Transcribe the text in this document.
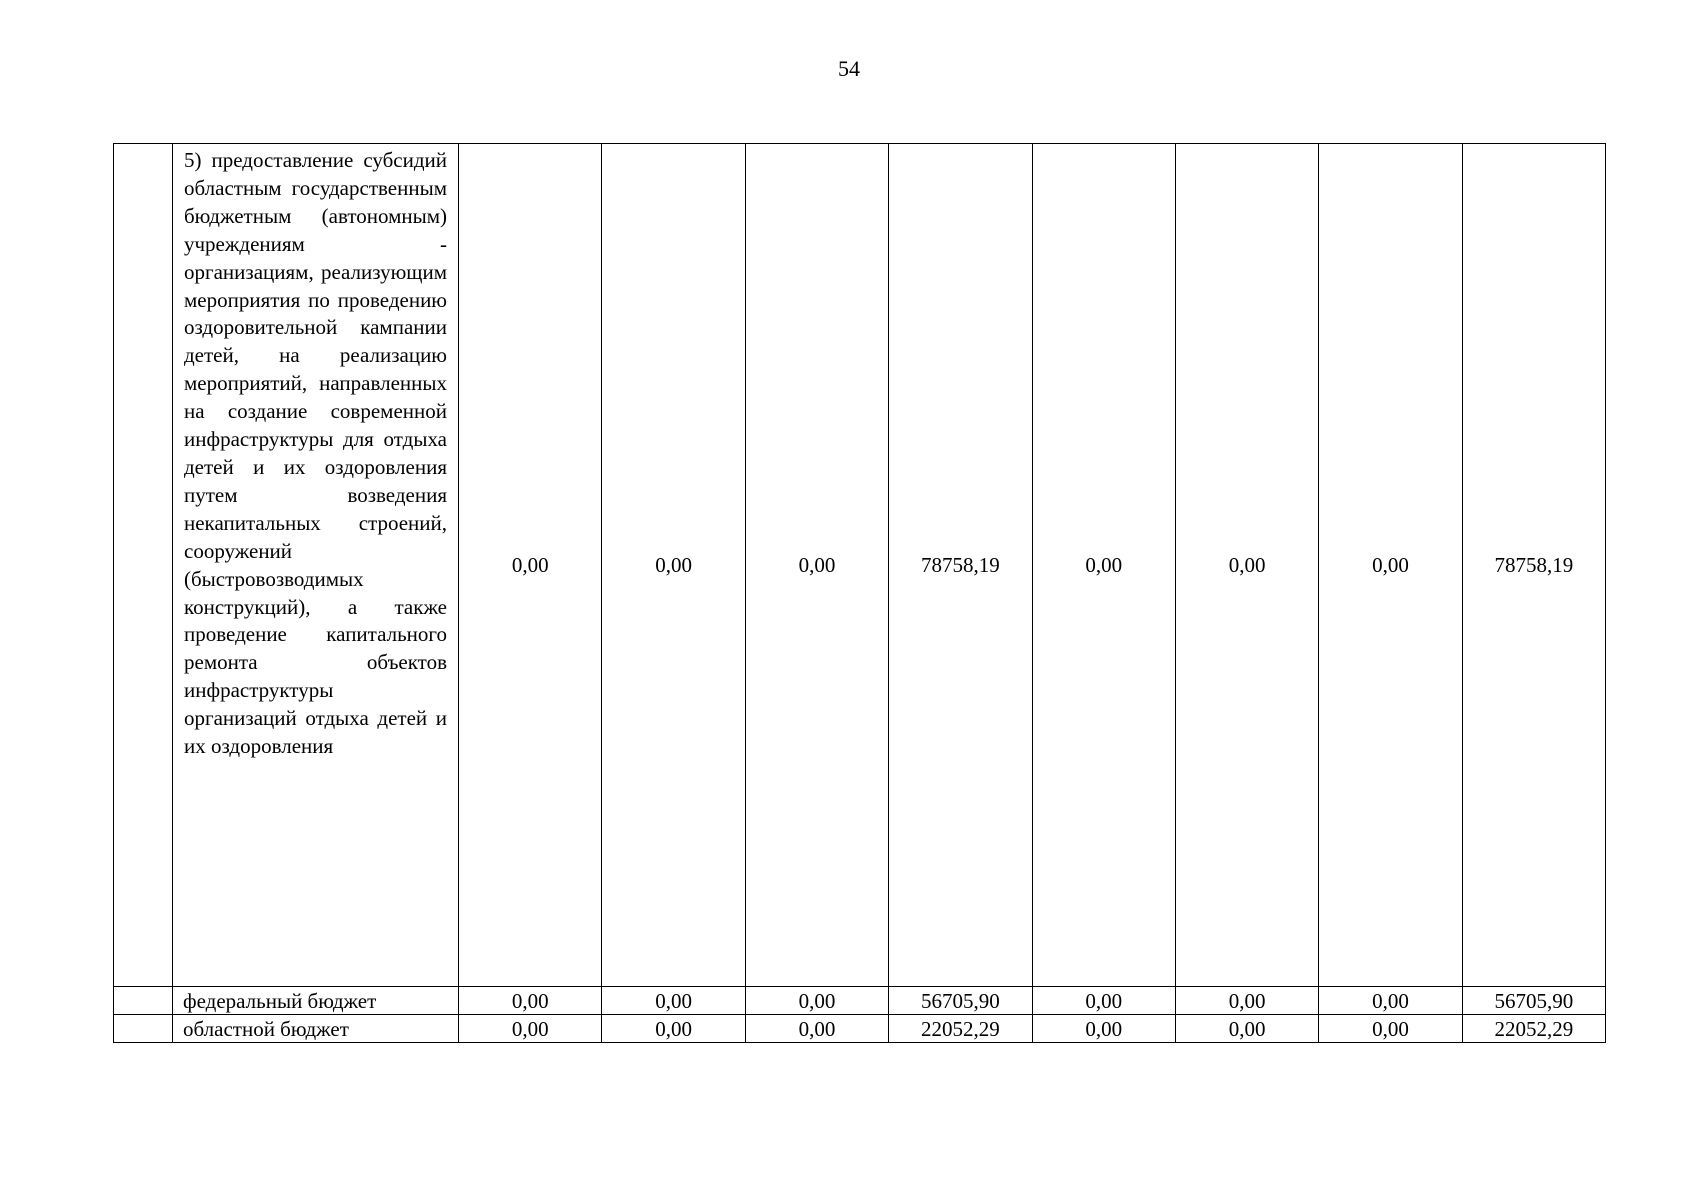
54
	5) предоставление субсидий областным государственным бюджетным (автономным) учреждениям - организациям, реализующим мероприятия по проведению оздоровительной кампании детей, на реализацию мероприятий, направленных на создание современной инфраструктуры для отдыха детей и их оздоровления путем возведения некапитальных строений, сооружений (быстровозводимых конструкций), а также проведение капитального ремонта объектов инфраструктуры организаций отдыха детей и их оздоровления	0,00	0,00	0,00	78758,19	0,00	0,00	0,00	78758,19
	федеральный бюджет	0,00	0,00	0,00	56705,90	0,00	0,00	0,00	56705,90
	областной бюджет	0,00	0,00	0,00	22052,29	0,00	0,00	0,00	22052,29
